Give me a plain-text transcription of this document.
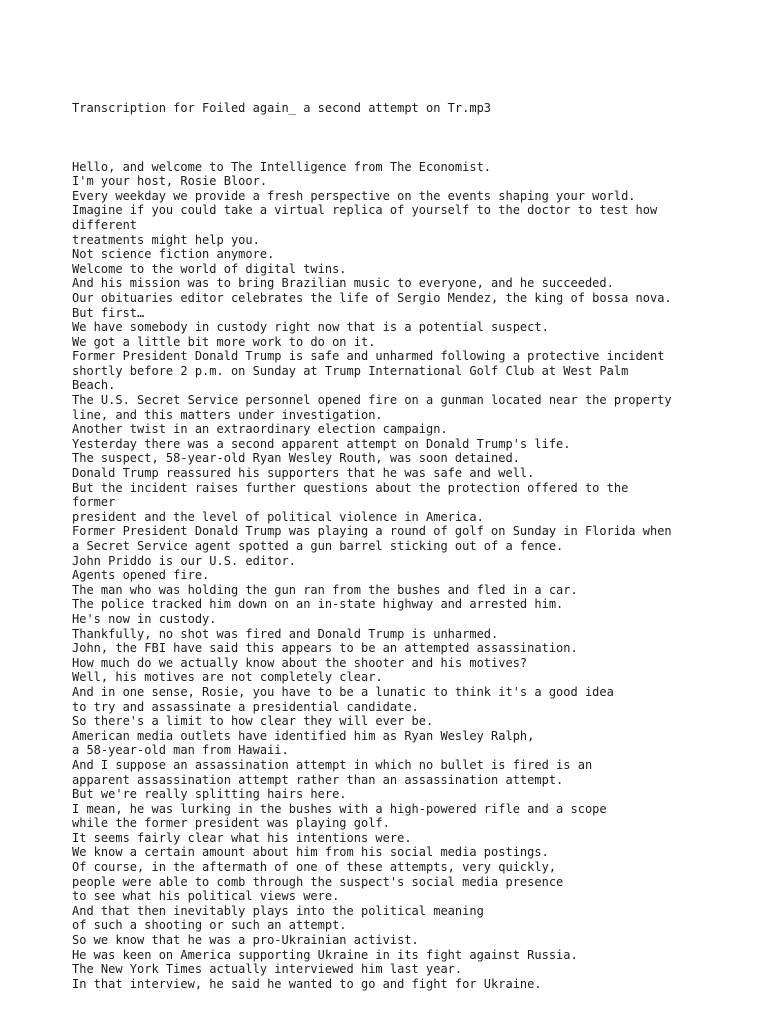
Transcription for Foiled again_ a second attempt on Tr.mp3

Hello, and welcome to The Intelligence from The Economist.
I'm your host, Rosie Bloor.
Every weekday we provide a fresh perspective on the events shaping your world.
Imagine if you could take a virtual replica of yourself to the doctor to test how
different
treatments might help you.
Not science fiction anymore.
Welcome to the world of digital twins.
And his mission was to bring Brazilian music to everyone, and he succeeded.
Our obituaries editor celebrates the life of Sergio Mendez, the king of bossa nova.
But first…
We have somebody in custody right now that is a potential suspect.
We got a little bit more work to do on it.
Former President Donald Trump is safe and unharmed following a protective incident
shortly before 2 p.m. on Sunday at Trump International Golf Club at West Palm
Beach.
The U.S. Secret Service personnel opened fire on a gunman located near the property
line, and this matters under investigation.
Another twist in an extraordinary election campaign.
Yesterday there was a second apparent attempt on Donald Trump's life.
The suspect, 58-year-old Ryan Wesley Routh, was soon detained.
Donald Trump reassured his supporters that he was safe and well.
But the incident raises further questions about the protection offered to the
former
president and the level of political violence in America.
Former President Donald Trump was playing a round of golf on Sunday in Florida when
a Secret Service agent spotted a gun barrel sticking out of a fence.
John Priddo is our U.S. editor.
Agents opened fire.
The man who was holding the gun ran from the bushes and fled in a car.
The police tracked him down on an in-state highway and arrested him.
He's now in custody.
Thankfully, no shot was fired and Donald Trump is unharmed.
John, the FBI have said this appears to be an attempted assassination.
How much do we actually know about the shooter and his motives?
Well, his motives are not completely clear.
And in one sense, Rosie, you have to be a lunatic to think it's a good idea
to try and assassinate a presidential candidate.
So there's a limit to how clear they will ever be.
American media outlets have identified him as Ryan Wesley Ralph,
a 58-year-old man from Hawaii.
And I suppose an assassination attempt in which no bullet is fired is an
apparent assassination attempt rather than an assassination attempt.
But we're really splitting hairs here.
I mean, he was lurking in the bushes with a high-powered rifle and a scope
while the former president was playing golf.
It seems fairly clear what his intentions were.
We know a certain amount about him from his social media postings.
Of course, in the aftermath of one of these attempts, very quickly,
people were able to comb through the suspect's social media presence
to see what his political views were.
And that then inevitably plays into the political meaning
of such a shooting or such an attempt.
So we know that he was a pro-Ukrainian activist.
He was keen on America supporting Ukraine in its fight against Russia.
The New York Times actually interviewed him last year.
In that interview, he said he wanted to go and fight for Ukraine.
